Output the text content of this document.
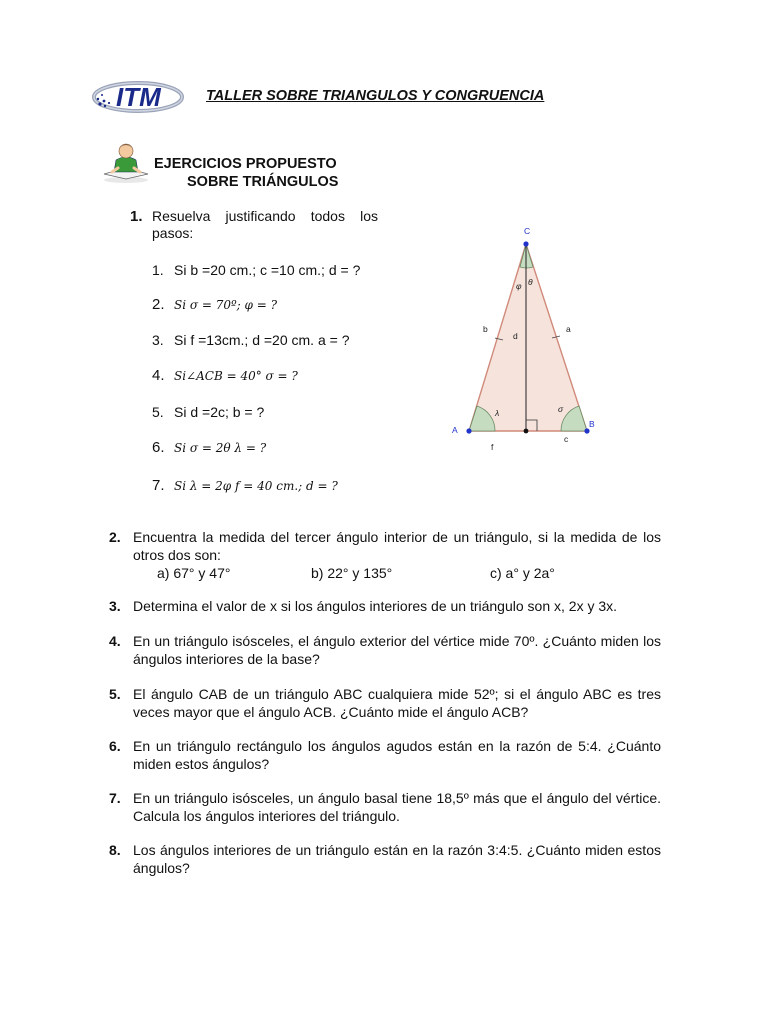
ITM	TALLER SOBRE TRIANGULOS Y CONGRUENCIA
EJERCICIOS PROPUESTO
SOBRE TRIÁNGULOS
1. Resuelva justificando todos los pasos:
1. Si b =20 cm.; c =10 cm.; d = ?
2. Si σ = 70º; φ = ?
3. Si f =13cm.; d =20 cm. a = ?
4. Si∠ACB = 40° σ = ?
5. Si d =2c; b = ?
6. Si σ = 2θ λ = ?
7. Si λ = 2φ f = 40 cm.; d = ?
C
A
B
b	a
d
c
f
φ θ
λ	σ
2. Encuentra la medida del tercer ángulo interior de un triángulo, si la medida de los otros dos son:
a) 67° y 47°	b) 22° y 135°	c) a° y 2a°
3. Determina el valor de x si los ángulos interiores de un triángulo son x, 2x y 3x.
4. En un triángulo isósceles, el ángulo exterior del vértice mide 70º. ¿Cuánto miden los ángulos interiores de la base?
5. El ángulo CAB de un triángulo ABC cualquiera mide 52º; si el ángulo ABC es tres veces mayor que el ángulo ACB. ¿Cuánto mide el ángulo ACB?
6. En un triángulo rectángulo los ángulos agudos están en la razón de 5:4. ¿Cuánto miden estos ángulos?
7. En un triángulo isósceles, un ángulo basal tiene 18,5º más que el ángulo del vértice. Calcula los ángulos interiores del triángulo.
8. Los ángulos interiores de un triángulo están en la razón 3:4:5. ¿Cuánto miden estos ángulos?
